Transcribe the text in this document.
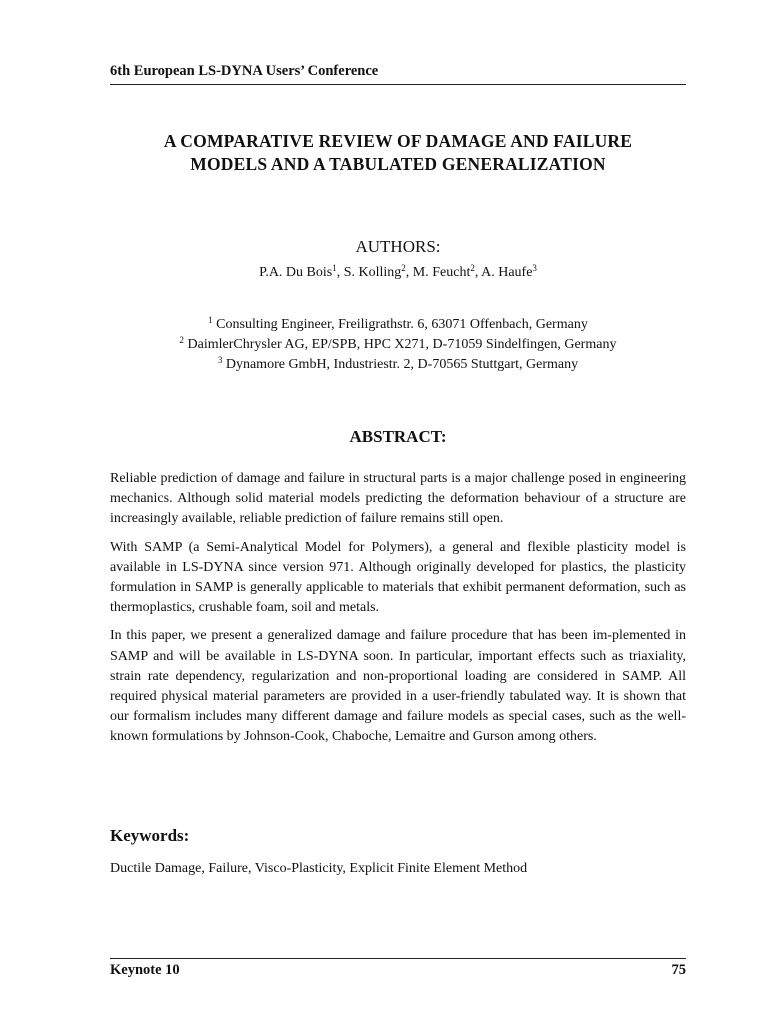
6th European LS-DYNA Users’ Conference
A COMPARATIVE REVIEW OF DAMAGE AND FAILURE
MODELS AND A TABULATED GENERALIZATION
AUTHORS:
P.A. Du Bois$^1$, S. Kolling$^2$, M. Feucht$^2$, A. Haufe$^3$
$^1$ Consulting Engineer, Freiligrathstr. 6, 63071 Offenbach, Germany
$^2$ DaimlerChrysler AG, EP/SPB, HPC X271, D-71059 Sindelfingen, Germany
$^3$ Dynamore GmbH, Industriestr. 2, D-70565 Stuttgart, Germany
ABSTRACT:

Reliable prediction of damage and failure in structural parts is a major challenge posed in engineering mechanics. Although solid material models predicting the deformation behaviour of a structure are increasingly available, reliable prediction of failure remains still open.

With SAMP (a Semi-Analytical Model for Polymers), a general and flexible plasticity model is available in LS-DYNA since version 971. Although originally developed for plastics, the plasticity formulation in SAMP is generally applicable to materials that exhibit permanent deformation, such as thermoplastics, crushable foam, soil and metals.

In this paper, we present a generalized damage and failure procedure that has been im-plemented in SAMP and will be available in LS-DYNA soon. In particular, important effects such as triaxiality, strain rate dependency, regularization and non-proportional loading are considered in SAMP. All required physical material parameters are provided in a user-friendly tabulated way. It is shown that our formalism includes many different damage and failure models as special cases, such as the well-known formulations by Johnson-Cook, Chaboche, Lemaitre and Gurson among others.

Keywords:
Ductile Damage, Failure, Visco-Plasticity, Explicit Finite Element Method
Keynote 10	75
